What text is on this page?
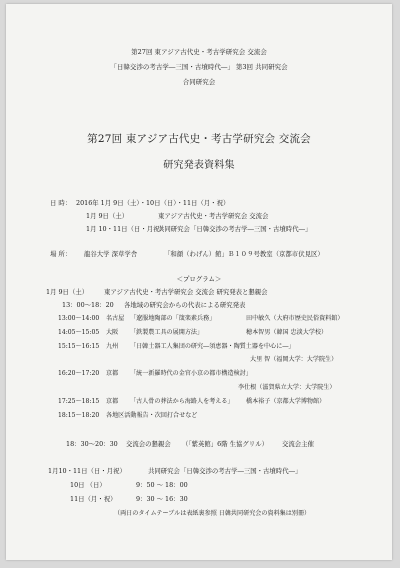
第27回 東アジア古代史・考古学研究会 交流会
「日韓交渉の考古学―三国・古墳時代―」 第3回 共同研究会
合同研究会
第27回 東アジア古代史・考古学研究会 交流会
研究発表資料集
日 時： 2016年 1月 9日（土）・10日（日）・11日（月・祝）
1月 9日（土）	東アジア古代史・考古学研究会 交流会
1月 10・11日（日・月祝）
共同研究会「日韓交渉の考古学―三国・古墳時代―」
場 所： 龍谷大学 深草学舎	「和顔（わげん）館」Ｂ１０９号教室（京都市伏見区）
＜プログラム＞
1月 9日（土） 東アジア古代史・考古学研究会 交流会 研究発表と懇親会
13：00～18：20 各地域の研究会からの代表による研究発表
13:00～14:00 名古屋 「遼服地陶部の「筬楽素兵務」	田中敏久（大府市歴史民俗資料館）
14:05～15:05 大阪 「鉄製農工具の展開方法」	穂本智男（韓国 忠淡大学校）
15:15～16:15 九州 「日韓土器工人集団の研究―須恵器・陶質土器を中心に―」
大里 智（福岡大学：大学院生）
16:20～17:20 京都 「統一新羅時代の金官小京の都市構造検討」
李仕根（滋賀県立大学：大学院生）
17:25～18:15 京都 「古人骨の葬法から海路人を考える」 橋本裕子（京都大学博物館）
18:15～18:20 各地区活動報告・次回打合せなど
18：30～20：30 交流会の懇親会 （「紫英館」6階 生協グリル） 交流会主催
1月10・11日（日・月祝）	共同研究会「日韓交渉の考古学―三国・古墳時代―」
10日 （日）	9：50 ～ 18：00
11日（月・祝）	9：30 ～ 16：30
（両日のタイムテーブルは表紙裏参照 日韓共同研究会の資料集は別冊）
